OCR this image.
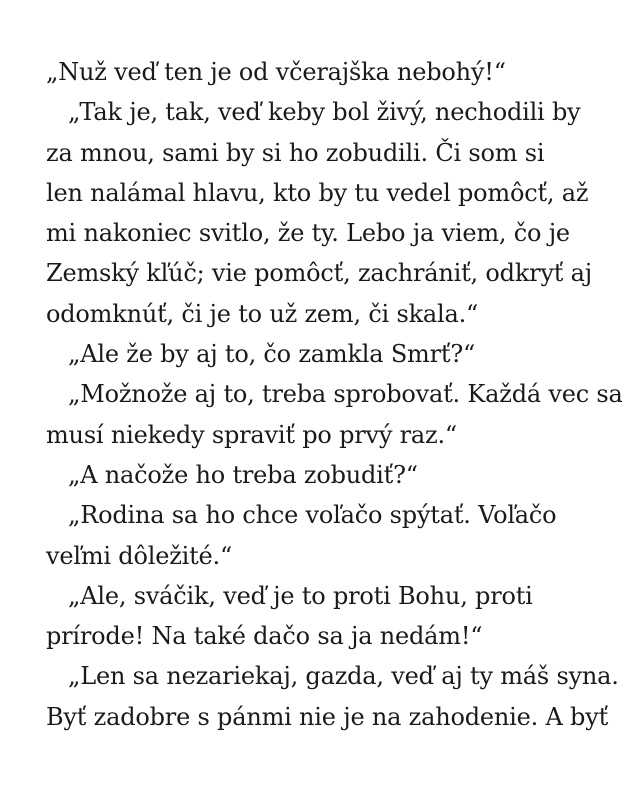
„Nuž veď ten je od včerajška nebohý!“
„Tak je, tak, veď keby bol živý, nechodili by
za mnou, sami by si ho zobudili. Či som si
len nalámal hlavu, kto by tu vedel pomôcť, až
mi nakoniec svitlo, že ty. Lebo ja viem, čo je
Zemský kľúč; vie pomôcť, zachrániť, odkryť aj
odomknúť, či je to už zem, či skala.“
„Ale že by aj to, čo zamkla Smrť?“
„Možnože aj to, treba sprobovať. Každá vec sa
musí niekedy spraviť po prvý raz.“
„A načože ho treba zobudiť?“
„Rodina sa ho chce voľačo spýtať. Voľačo
veľmi dôležité.“
„Ale, sváčik, veď je to proti Bohu, proti
prírode! Na také dačo sa ja nedám!“
„Len sa nezariekaj, gazda, veď aj ty máš syna.
Byť zadobre s pánmi nie je na zahodenie. A byť
